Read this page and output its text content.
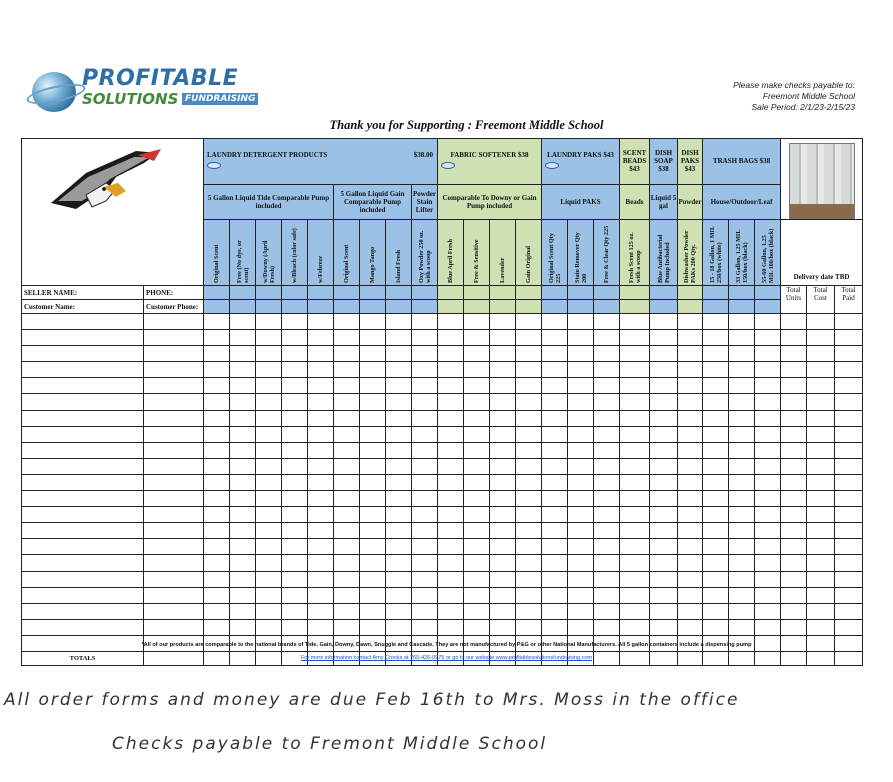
PROFITABLE
SOLUTIONS FUNDRAISING
Please make checks payable to:
Freemont Middle School
Sale Period: 2/1/23-2/15/23
Thank you for Supporting : Freemont Middle School

LAUNDRY DETERGENT PRODUCTS $38.00									FABRIC SOFTENER $38				LAUNDRY PAKS $43			SCENT BEADS $43	DISH SOAP $38	DISH PAKS $43	TRASH BAGS $38					

		5 Gallon Liquid Tide Comparable Pump included					5 Gallon Liquid Gain Comparable Pump included			Powder Stain Lifter	Comparable To Downy or Gain Pump included				Liquid PAKS			Beads	Liquid 5 gal	Powder	House/Outdoor/Leaf					

		Original Scent	Free (No dye, or scent)	w/Downy (April Fresh)	w/Bleach (color safe)	w/Febreze	Original Scent	Mango Tango	Island Fresh	Oxy Powder 250 oz. with a scoop	Blue April Fresh	Free & Sensitive	Lavender	Gain Original	Original Scent Qty 225	Stain Remover Qty 200	Free & Clear Qty 225	Fresh Scent 125 oz. with a scoop	Blue Antibacterial Pump Included	Dishwasher Powder PAKs 200 Qty.	15 - 18 Gallon, 1 MIL 250/box (white)	33 Gallon, 1.25 MIL 150/box (black)	55-60 Gallon, 1.25 MIL 100/box (black)	Delivery date TBD		
SELLER NAME:	PHONE:																							Total Units	Total Cost	Total Paid
Customer Name:	Customer Phone:																									

TOTALS																										
*All of our products are comparable to the national brands of Tide, Gain, Downy, Dawn, Snuggle and Cascade. They are not manufactured by P&G or other National Manufacturers. All 5 gallon containers include a dispensing pump
For more information contact Amy Crooks at 765-426-0975 or go to our website www.profitablesolutionsfundraising.com
All order forms and money are due Feb 16th to Mrs. Moss in the office
Checks payable to Fremont Middle School
